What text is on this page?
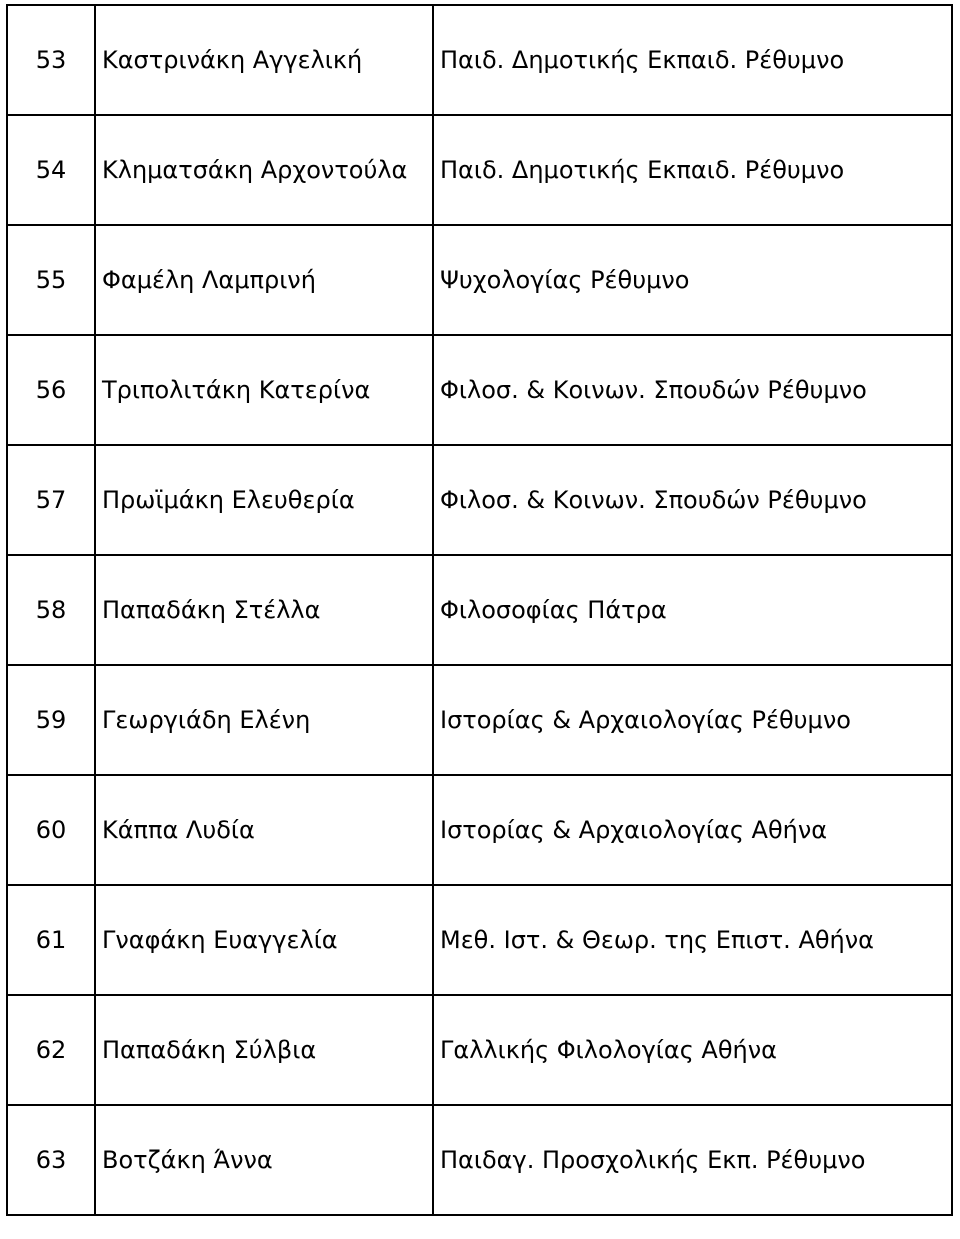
53	Καστρινάκη Αγγελική	Παιδ. Δημοτικής Εκπαιδ. Ρέθυμνο
54	Κληματσάκη Αρχοντούλα	Παιδ. Δημοτικής Εκπαιδ. Ρέθυμνο
55	Φαμέλη Λαμπρινή	Ψυχολογίας Ρέθυμνο
56	Τριπολιτάκη Κατερίνα	Φιλοσ. & Κοινων. Σπουδών Ρέθυμνο
57	Πρωϊμάκη Ελευθερία	Φιλοσ. & Κοινων. Σπουδών Ρέθυμνο
58	Παπαδάκη Στέλλα	Φιλοσοφίας Πάτρα
59	Γεωργιάδη Ελένη	Ιστορίας & Αρχαιολογίας Ρέθυμνο
60	Κάππα Λυδία	Ιστορίας & Αρχαιολογίας Αθήνα
61	Γναφάκη Ευαγγελία	Μεθ. Ιστ. & Θεωρ. της Επιστ. Αθήνα
62	Παπαδάκη Σύλβια	Γαλλικής Φιλολογίας Αθήνα
63	Βοτζάκη Άννα	Παιδαγ. Προσχολικής Εκπ. Ρέθυμνο
